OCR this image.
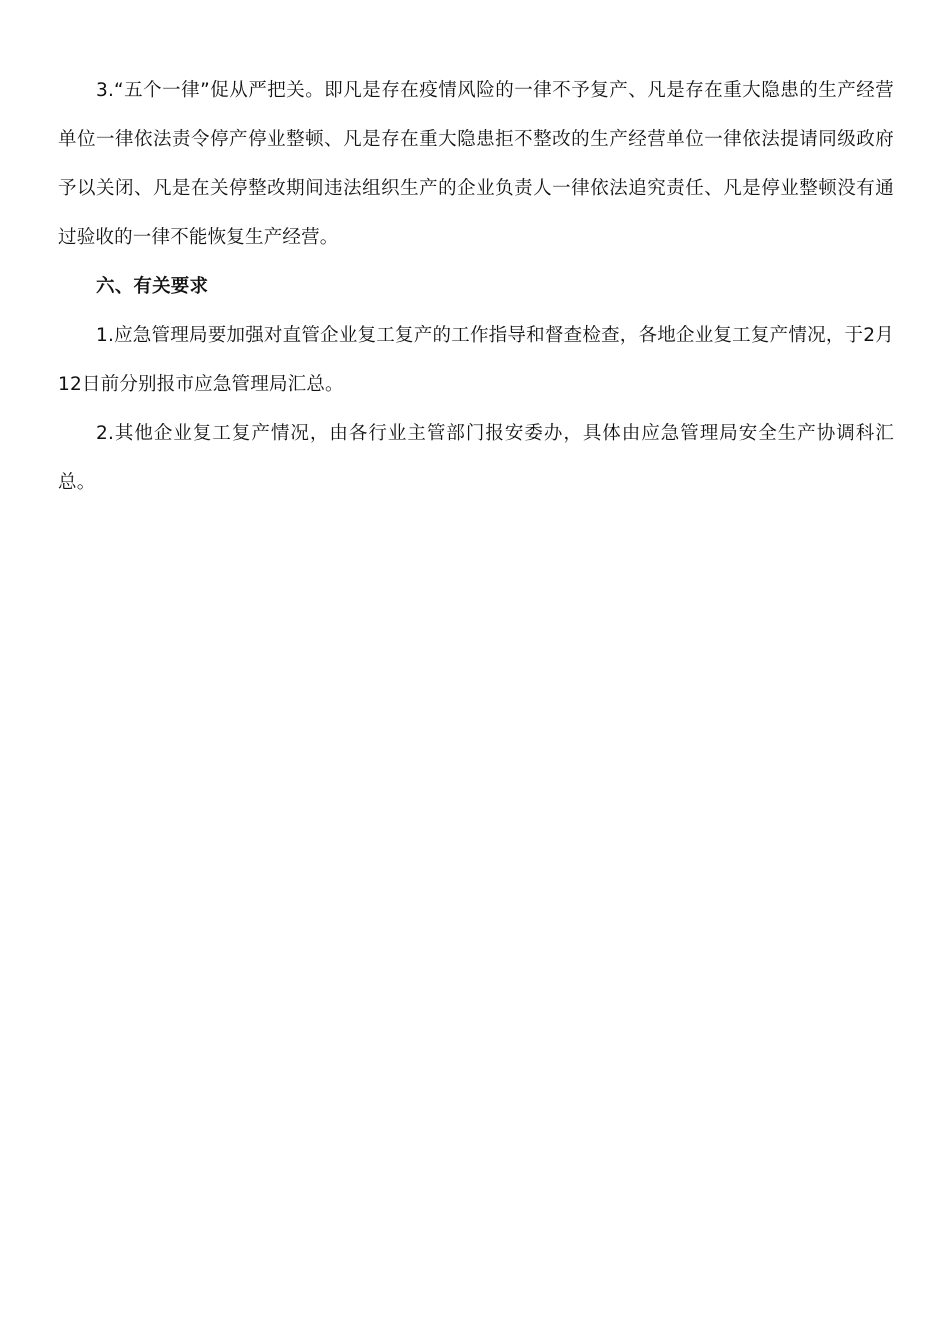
3.“五个一律”促从严把关。即凡是存在疫情风险的一律不予复产、凡是存在重大隐患的生产经营单位一律依法责令停产停业整顿、凡是存在重大隐患拒不整改的生产经营单位一律依法提请同级政府予以关闭、凡是在关停整改期间违法组织生产的企业负责人一律依法追究责任、凡是停业整顿没有通过验收的一律不能恢复生产经营。

六、有关要求

1.应急管理局要加强对直管企业复工复产的工作指导和督查检查，各地企业复工复产情况，于2月12日前分别报市应急管理局汇总。

2.其他企业复工复产情况，由各行业主管部门报安委办，具体由应急管理局安全生产协调科汇总。
